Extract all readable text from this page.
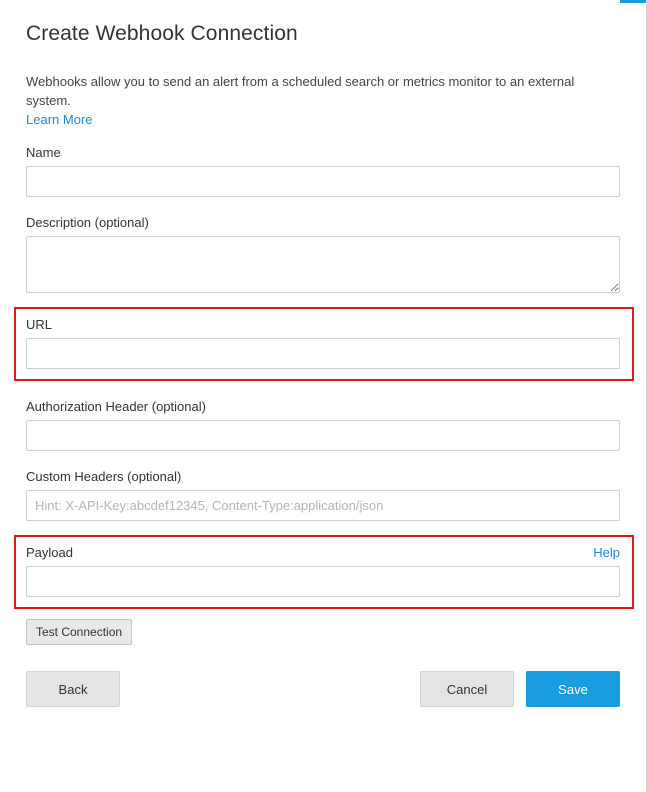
Create Webhook Connection
Webhooks allow you to send an alert from a scheduled search or metrics monitor to an external system.
Learn More
Name
Description (optional)
URL
Authorization Header (optional)
Custom Headers (optional)
Hint: X-API-Key:abcdef12345, Content-Type:application/json
Payload	Help
Test Connection
Back	Cancel	Save
